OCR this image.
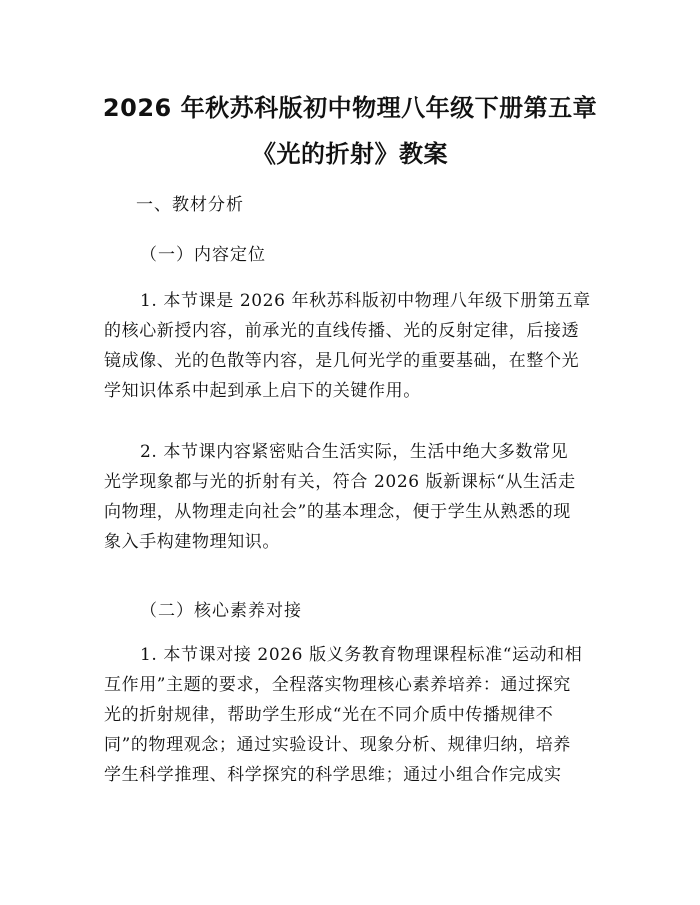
2026 年秋苏科版初中物理八年级下册第五章
《光的折射》教案
一、教材分析
（一）内容定位
1. 本节课是 2026 年秋苏科版初中物理八年级下册第五章
的核心新授内容，前承光的直线传播、光的反射定律，后接透
镜成像、光的色散等内容，是几何光学的重要基础，在整个光
学知识体系中起到承上启下的关键作用。
2. 本节课内容紧密贴合生活实际，生活中绝大多数常见
光学现象都与光的折射有关，符合 2026 版新课标“从生活走
向物理，从物理走向社会”的基本理念，便于学生从熟悉的现
象入手构建物理知识。
（二）核心素养对接
1. 本节课对接 2026 版义务教育物理课程标准“运动和相
互作用”主题的要求，全程落实物理核心素养培养：通过探究
光的折射规律，帮助学生形成“光在不同介质中传播规律不
同”的物理观念；通过实验设计、现象分析、规律归纳，培养
学生科学推理、科学探究的科学思维；通过小组合作完成实
